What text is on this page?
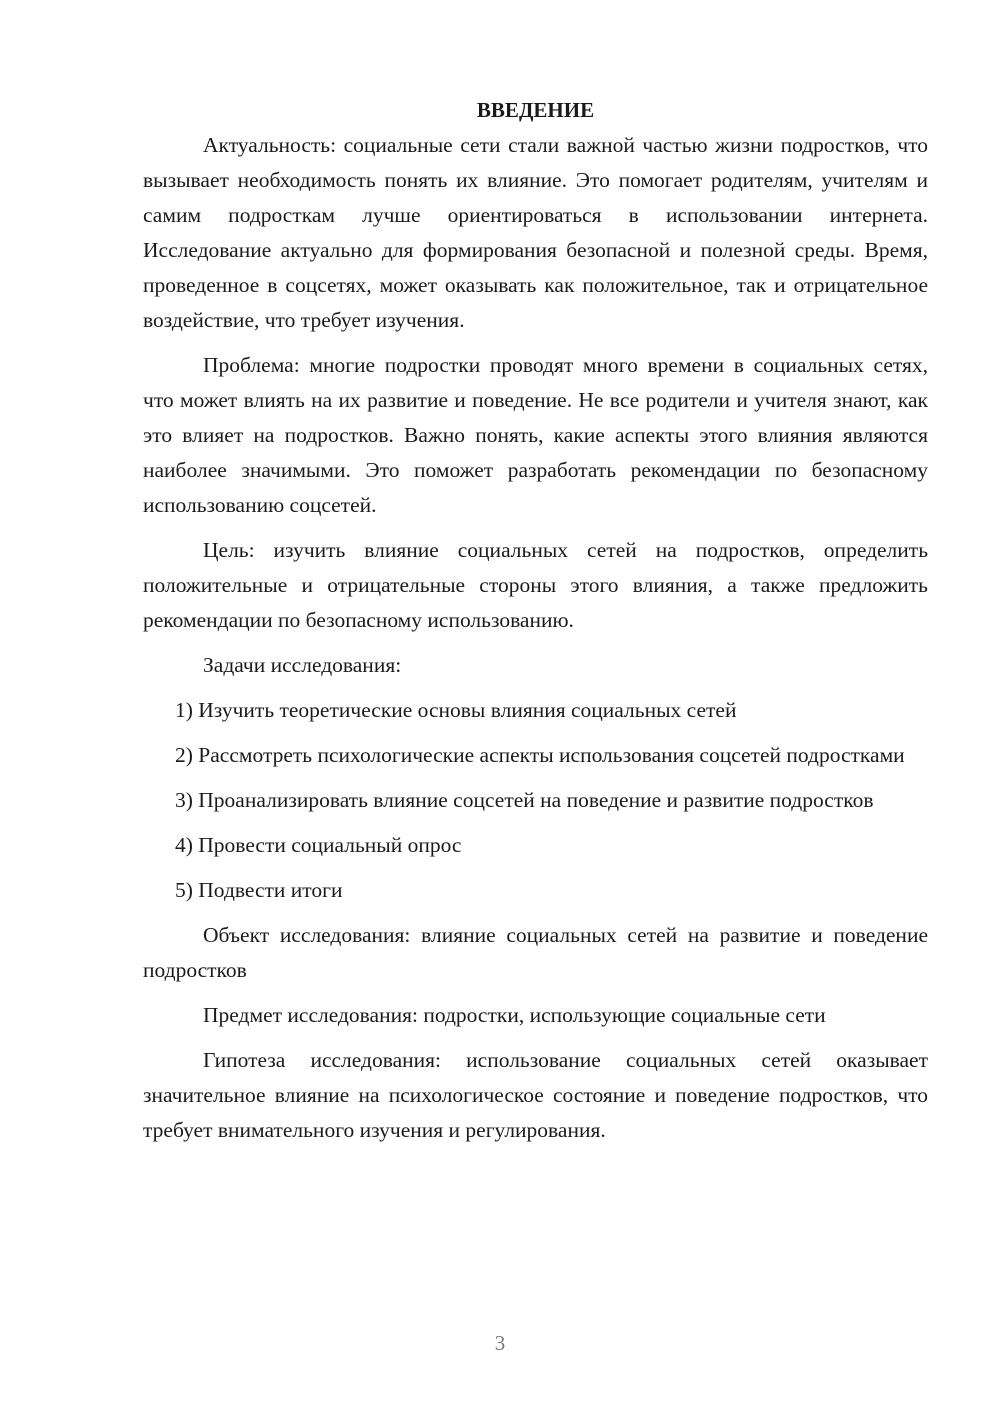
ВВЕДЕНИЕ

Актуальность: социальные сети стали важной частью жизни подростков, что вызывает необходимость понять их влияние. Это помогает родителям, учителям и самим подросткам лучше ориентироваться в использовании интернета. Исследование актуально для формирования безопасной и полезной среды. Время, проведенное в соцсетях, может оказывать как положительное, так и отрицательное воздействие, что требует изучения.

Проблема: многие подростки проводят много времени в социальных сетях, что может влиять на их развитие и поведение. Не все родители и учителя знают, как это влияет на подростков. Важно понять, какие аспекты этого влияния являются наиболее значимыми. Это поможет разработать рекомендации по безопасному использованию соцсетей.

Цель: изучить влияние социальных сетей на подростков, определить положительные и отрицательные стороны этого влияния, а также предложить рекомендации по безопасному использованию.

Задачи исследования:

1) Изучить теоретические основы влияния социальных сетей

2) Рассмотреть психологические аспекты использования соцсетей подростками

3) Проанализировать влияние соцсетей на поведение и развитие подростков

4) Провести социальный опрос

5) Подвести итоги

Объект исследования: влияние социальных сетей на развитие и поведение подростков

Предмет исследования: подростки, использующие социальные сети

Гипотеза исследования: использование социальных сетей оказывает значительное влияние на психологическое состояние и поведение подростков, что требует внимательного изучения и регулирования.

3
